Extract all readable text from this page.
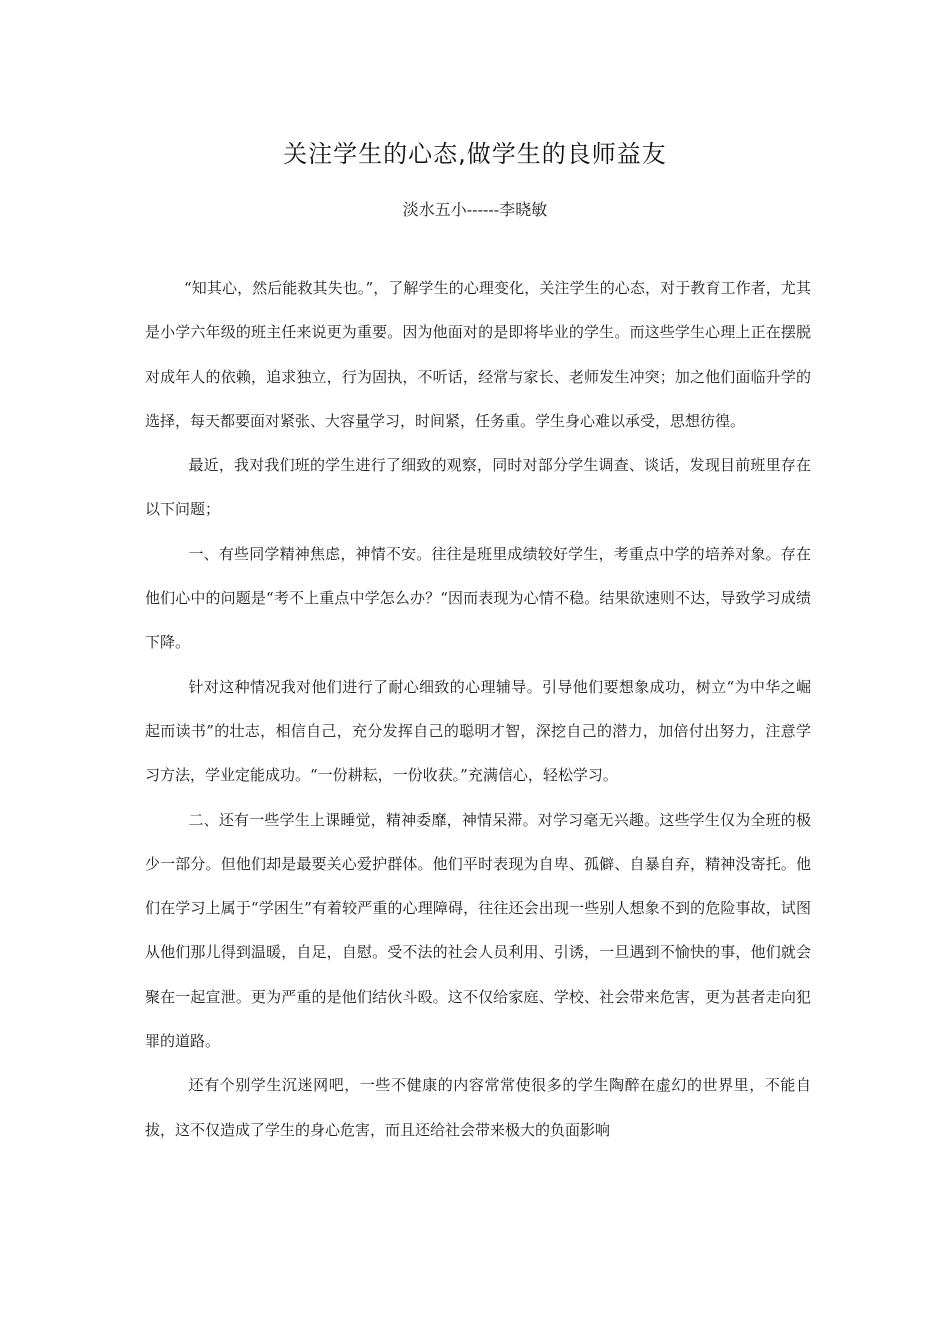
关注学生的心态,做学生的良师益友
淡水五小------李晓敏

“知其心，然后能救其失也。”，了解学生的心理变化，关注学生的心态，对于教育工作者，尤其是小学六年级的班主任来说更为重要。因为他面对的是即将毕业的学生。而这些学生心理上正在摆脱对成年人的依赖，追求独立，行为固执，不听话，经常与家长、老师发生冲突；加之他们面临升学的选择，每天都要面对紧张、大容量学习，时间紧，任务重。学生身心难以承受，思想彷徨。

最近，我对我们班的学生进行了细致的观察，同时对部分学生调查、谈话，发现目前班里存在以下问题；

一、有些同学精神焦虑，神情不安。往往是班里成绩较好学生，考重点中学的培养对象。存在他们心中的问题是“考不上重点中学怎么办？“因而表现为心情不稳。结果欲速则不达，导致学习成绩下降。

针对这种情况我对他们进行了耐心细致的心理辅导。引导他们要想象成功，树立“为中华之崛起而读书”的壮志，相信自己，充分发挥自己的聪明才智，深挖自己的潜力，加倍付出努力，注意学习方法，学业定能成功。“一份耕耘，一份收获。”充满信心，轻松学习。

二、还有一些学生上课睡觉，精神委靡，神情呆滞。对学习毫无兴趣。这些学生仅为全班的极少一部分。但他们却是最要关心爱护群体。他们平时表现为自卑、孤僻、自暴自弃，精神没寄托。他们在学习上属于“学困生”有着较严重的心理障碍，往往还会出现一些别人想象不到的危险事故，试图从他们那儿得到温暖，自足，自慰。受不法的社会人员利用、引诱，一旦遇到不愉快的事，他们就会聚在一起宣泄。更为严重的是他们结伙斗殴。这不仅给家庭、学校、社会带来危害，更为甚者走向犯罪的道路。

还有个别学生沉迷网吧，一些不健康的内容常常使很多的学生陶醉在虚幻的世界里，不能自拔，这不仅造成了学生的身心危害，而且还给社会带来极大的负面影响
